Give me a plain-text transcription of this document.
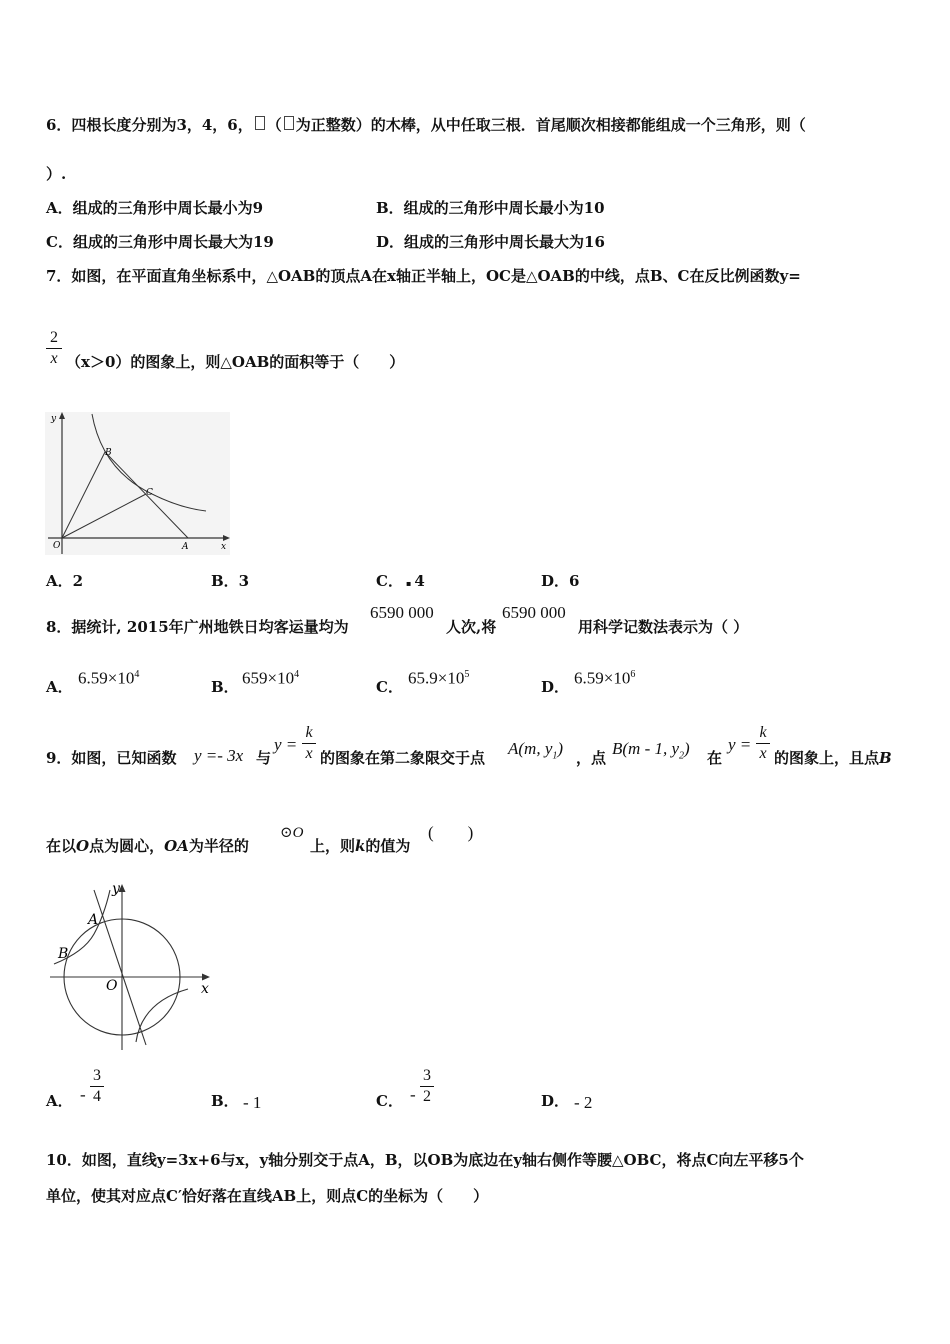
6．四根长度分别为3，4，6， （ 为正整数）的木棒，从中任取三根．首尾顺次相接都能组成一个三角形，则（
）.
A．组成的三角形中周长最小为9	B．组成的三角形中周长最小为10
C．组成的三角形中周长最大为19	D．组成的三角形中周长最大为16
7．如图，在平面直角坐标系中，△OAB的顶点A在x轴正半轴上，OC是△OAB的中线，点B、C在反比例函数y=
2
x （x＞0）的图象上，则△OAB的面积等于（　　）
y
x
O	A
B
C
A．2	B．3	C． ▪ 4	D．6
8．据统计, 2015年广州地铁日均客运量均为
6590 000
人次,将
6590 000
用科学记数法表示为（ ）
A． $6.59\times 10^4$
B． $659\times 10^4$
C． $65.9\times 10^5$
D． $6.59\times 10^6$
9．如图，已知函数 y =- 3x 与
y =
k
x 的图象在第二象限交于点 A(m, $y_1$) ，点 B(m - 1, $y_2$) 在
y =
k
x 的图象上，且点B
在以O点为圆心，OA为半径的
⊙O
上，则k的值为
(　　)
y
x
O
A
B
A． -
3
4	B． - 1	C． -
3
2	D． - 2
10．如图，直线y=3x+6与x，y轴分别交于点A，B，以OB为底边在y轴右侧作等腰△OBC，将点C向左平移5个
单位，使其对应点C′恰好落在直线AB上，则点C的坐标为（　　）
